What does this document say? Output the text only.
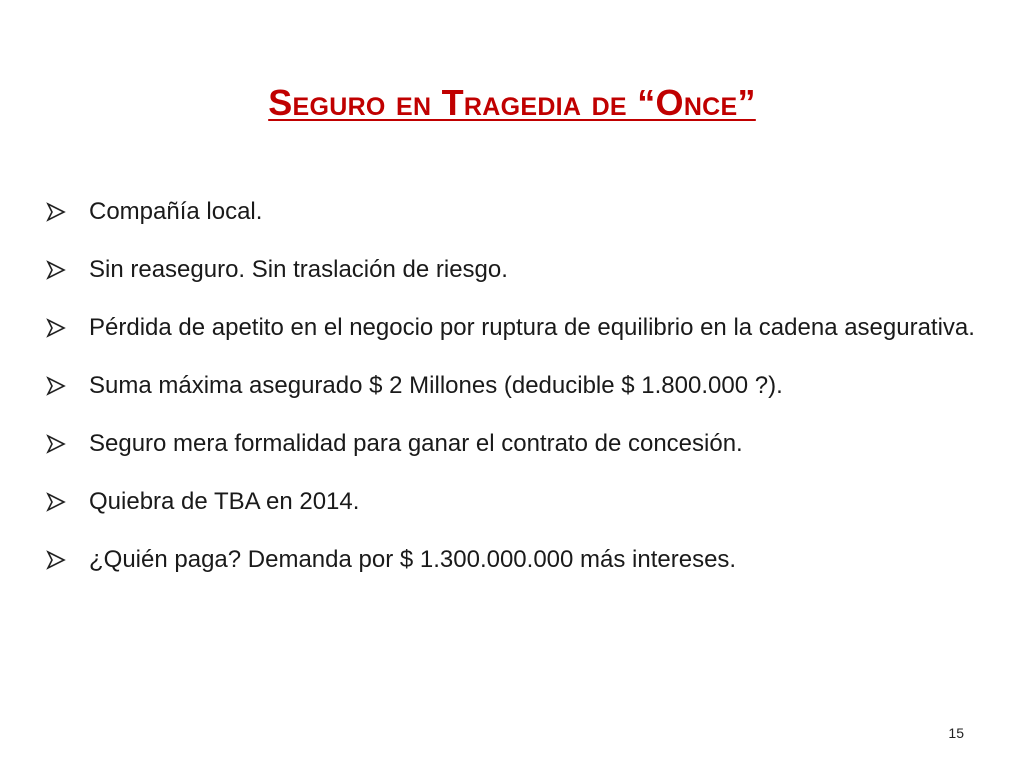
Seguro en Tragedia de “Once”
Compañía local.
Sin reaseguro. Sin traslación de riesgo.
Pérdida de apetito en el negocio por ruptura de equilibrio en la cadena asegurativa.
Suma máxima asegurado $ 2 Millones (deducible $ 1.800.000 ?).
Seguro mera formalidad para ganar el contrato de concesión.
Quiebra de TBA en 2014.
¿Quién paga? Demanda por $ 1.300.000.000 más intereses.
15
